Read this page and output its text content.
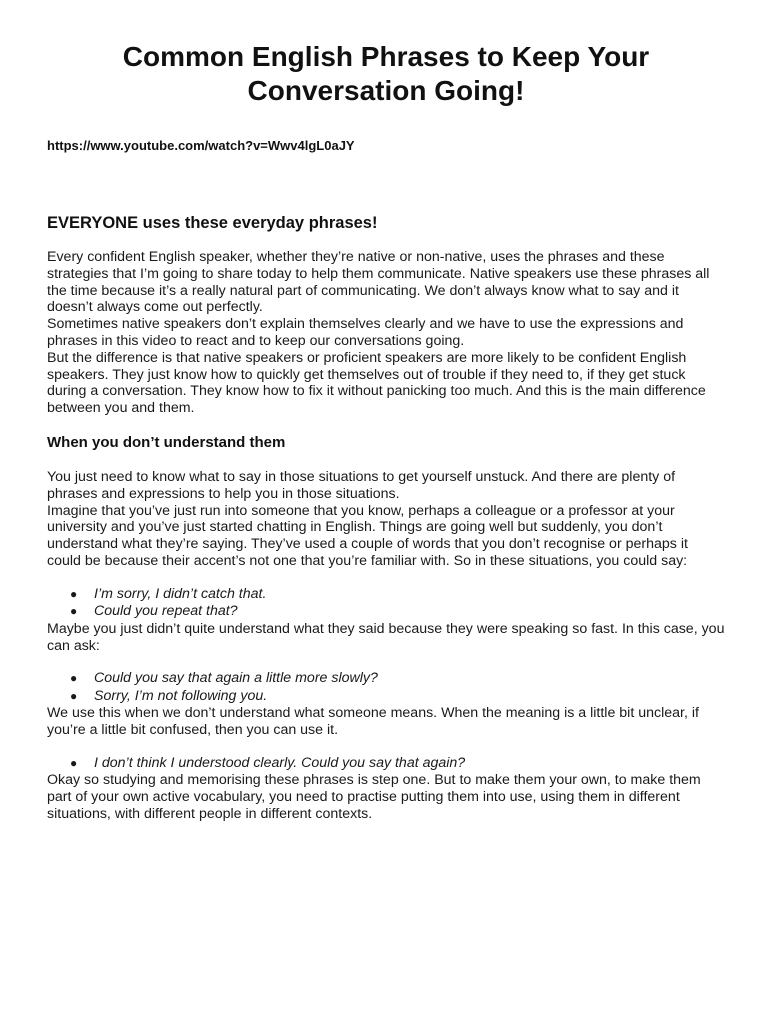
Common English Phrases to Keep Your
Conversation Going!
https://www.youtube.com/watch?v=Wwv4lgL0aJY
EVERYONE uses these everyday phrases!

Every confident English speaker, whether they’re native or non-native, uses the phrases and these strategies that I’m going to share today to help them communicate. Native speakers use these phrases all the time because it’s a really natural part of communicating. We don’t always know what to say and it doesn’t always come out perfectly.

Sometimes native speakers don’t explain themselves clearly and we have to use the expressions and phrases in this video to react and to keep our conversations going.

But the difference is that native speakers or proficient speakers are more likely to be confident English speakers. They just know how to quickly get themselves out of trouble if they need to, if they get stuck during a conversation. They know how to fix it without panicking too much. And this is the main difference between you and them.

When you don’t understand them

You just need to know what to say in those situations to get yourself unstuck. And there are plenty of phrases and expressions to help you in those situations.

Imagine that you’ve just run into someone that you know, perhaps a colleague or a professor at your university and you’ve just started chatting in English. Things are going well but suddenly, you don’t understand what they’re saying. They’ve used a couple of words that you don’t recognise or perhaps it could be because their accent’s not one that you’re familiar with. So in these situations, you could say:

● I’m sorry, I didn’t catch that.
● Could you repeat that?

Maybe you just didn’t quite understand what they said because they were speaking so fast. In this case, you can ask:

● Could you say that again a little more slowly?
● Sorry, I’m not following you.

We use this when we don’t understand what someone means. When the meaning is a little bit unclear, if you’re a little bit confused, then you can use it.

● I don’t think I understood clearly. Could you say that again?

Okay so studying and memorising these phrases is step one. But to make them your own, to make them part of your own active vocabulary, you need to practise putting them into use, using them in different situations, with different people in different contexts.
